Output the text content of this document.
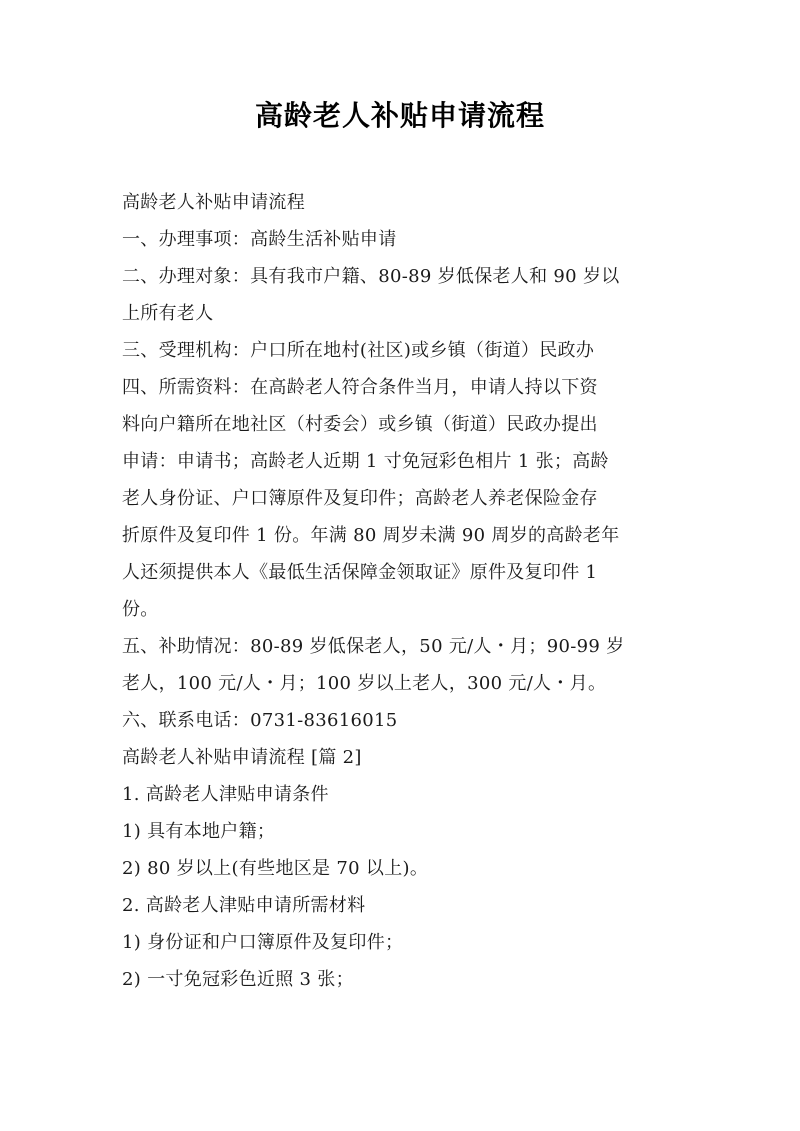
高龄老人补贴申请流程
高龄老人补贴申请流程
一、办理事项：高龄生活补贴申请
二、办理对象：具有我市户籍、80-89 岁低保老人和 90 岁以
上所有老人
三、受理机构：户口所在地村(社区)或乡镇（街道）民政办
四、所需资料：在高龄老人符合条件当月，申请人持以下资
料向户籍所在地社区（村委会）或乡镇（街道）民政办提出
申请：申请书；高龄老人近期 1 寸免冠彩色相片 1 张；高龄
老人身份证、户口簿原件及复印件；高龄老人养老保险金存
折原件及复印件 1 份。年满 80 周岁未满 90 周岁的高龄老年
人还须提供本人《最低生活保障金领取证》原件及复印件 1
份。
五、补助情况：80-89 岁低保老人，50 元/人・月；90-99 岁
老人，100 元/人・月；100 岁以上老人，300 元/人・月。
六、联系电话：0731-83616015
高龄老人补贴申请流程 [篇 2]
1. 高龄老人津贴申请条件
1) 具有本地户籍；
2) 80 岁以上(有些地区是 70 以上)。
2. 高龄老人津贴申请所需材料
1) 身份证和户口簿原件及复印件；
2) 一寸免冠彩色近照 3 张；
